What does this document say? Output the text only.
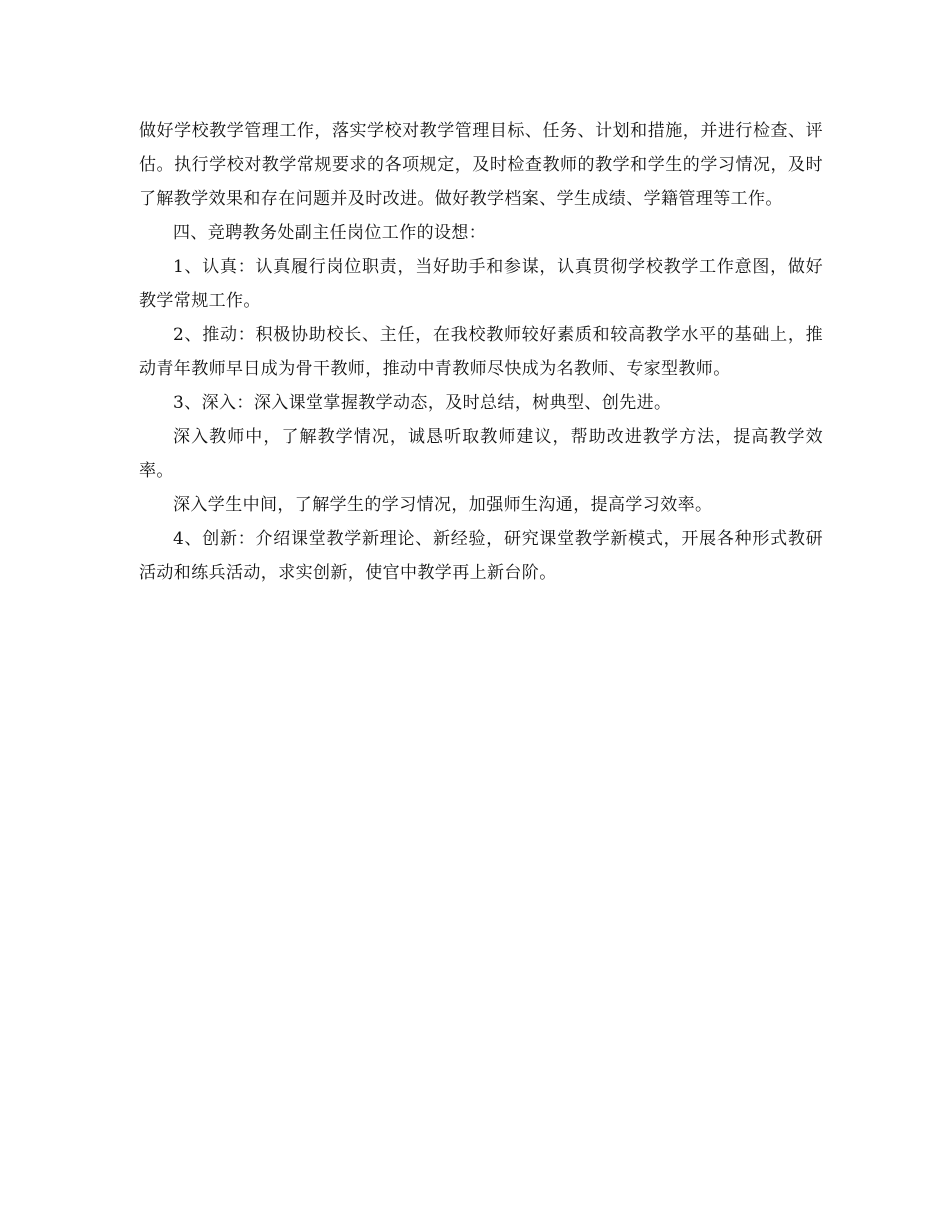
做好学校教学管理工作，落实学校对教学管理目标、任务、计划和措施，并进行检查、评估。执行学校对教学常规要求的各项规定，及时检查教师的教学和学生的学习情况，及时了解教学效果和存在问题并及时改进。做好教学档案、学生成绩、学籍管理等工作。

四、竞聘教务处副主任岗位工作的设想：

1、认真：认真履行岗位职责，当好助手和参谋，认真贯彻学校教学工作意图，做好教学常规工作。

2、推动：积极协助校长、主任，在我校教师较好素质和较高教学水平的基础上，推动青年教师早日成为骨干教师，推动中青教师尽快成为名教师、专家型教师。

3、深入：深入课堂掌握教学动态，及时总结，树典型、创先进。

深入教师中，了解教学情况，诚恳听取教师建议，帮助改进教学方法，提高教学效率。

深入学生中间，了解学生的学习情况，加强师生沟通，提高学习效率。

4、创新：介绍课堂教学新理论、新经验，研究课堂教学新模式，开展各种形式教研活动和练兵活动，求实创新，使官中教学再上新台阶。
